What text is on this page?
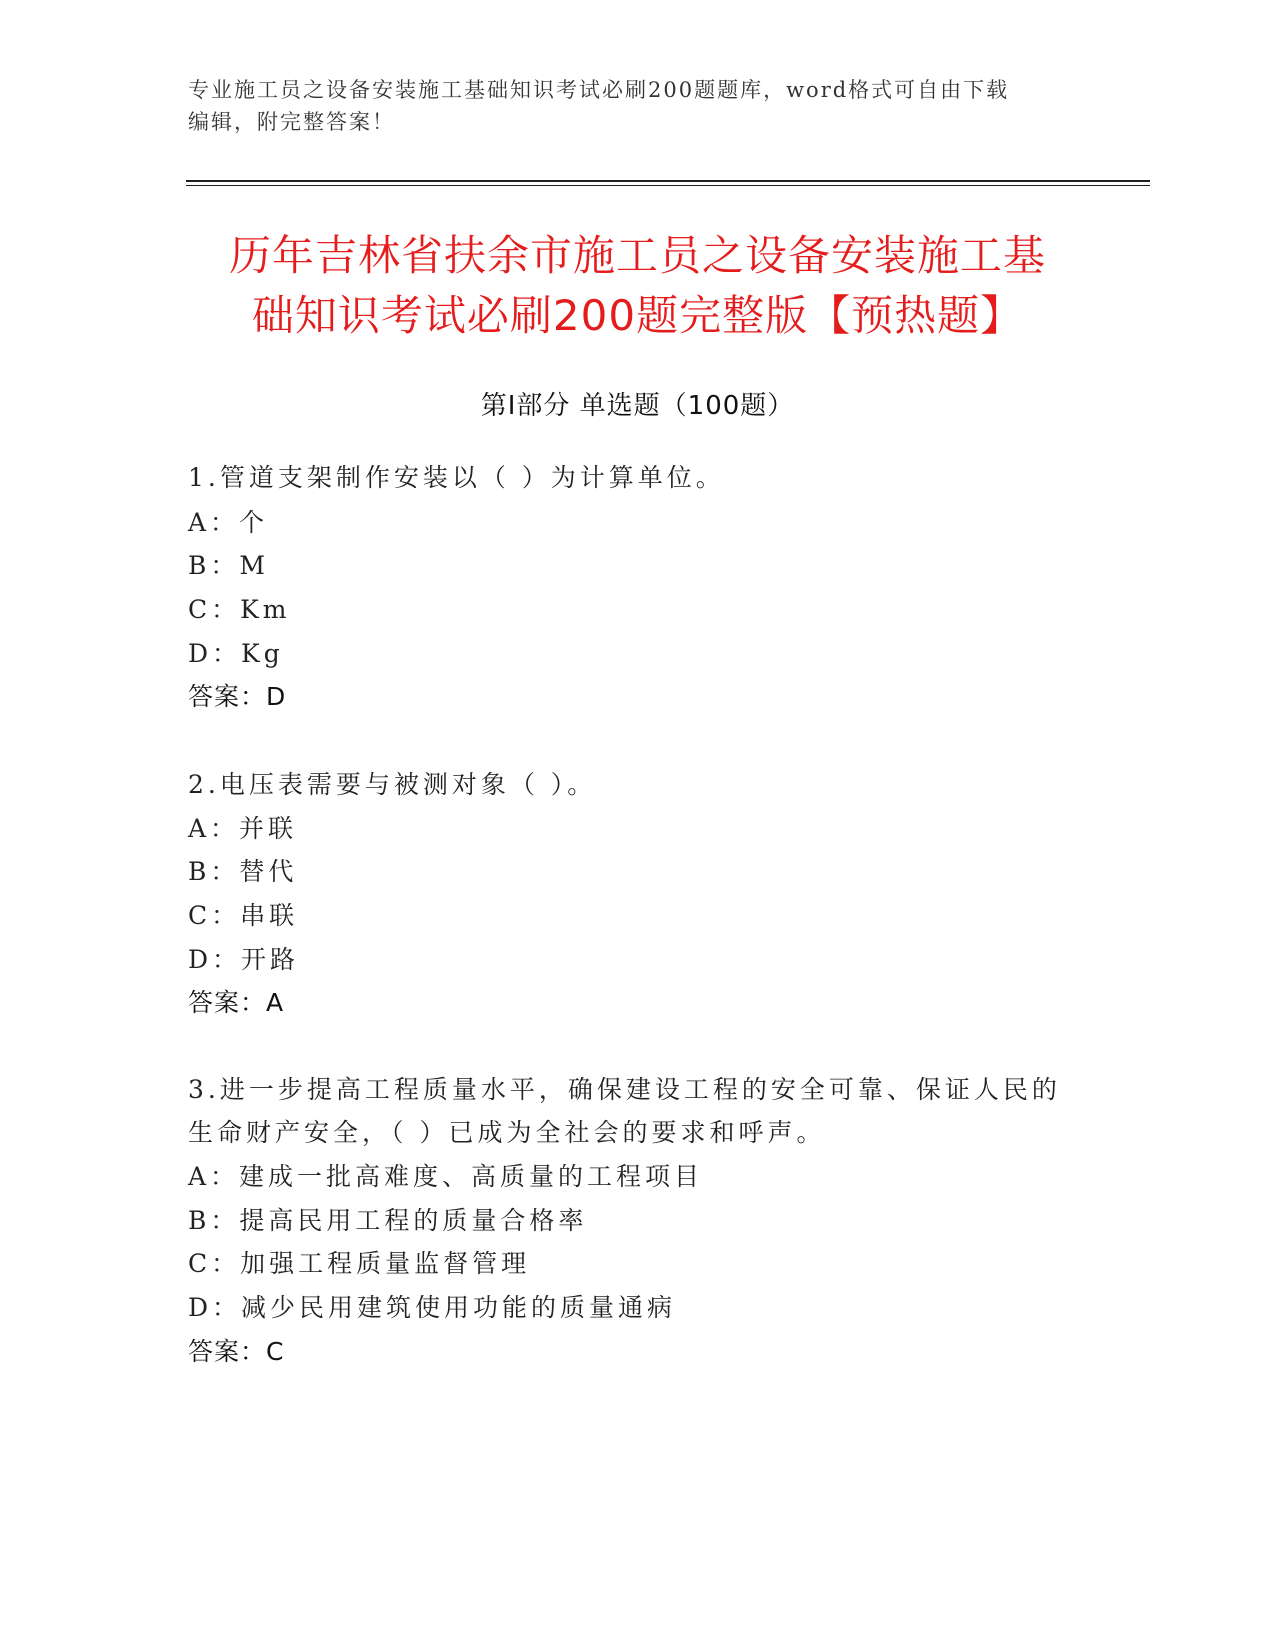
专业施工员之设备安装施工基础知识考试必刷200题题库，word格式可自由下载
编辑，附完整答案！
历年吉林省扶余市施工员之设备安装施工基
础知识考试必刷200题完整版【预热题】
第I部分 单选题（100题）
1.管道支架制作安装以（ ）为计算单位。
A：个
B：M
C：Km
D：Kg
答案：D
2.电压表需要与被测对象（ ）。
A：并联
B：替代
C：串联
D：开路
答案：A
3.进一步提高工程质量水平，确保建设工程的安全可靠、保证人民的
生命财产安全，（ ）已成为全社会的要求和呼声。
A：建成一批高难度、高质量的工程项目
B：提高民用工程的质量合格率
C：加强工程质量监督管理
D：减少民用建筑使用功能的质量通病
答案：C
